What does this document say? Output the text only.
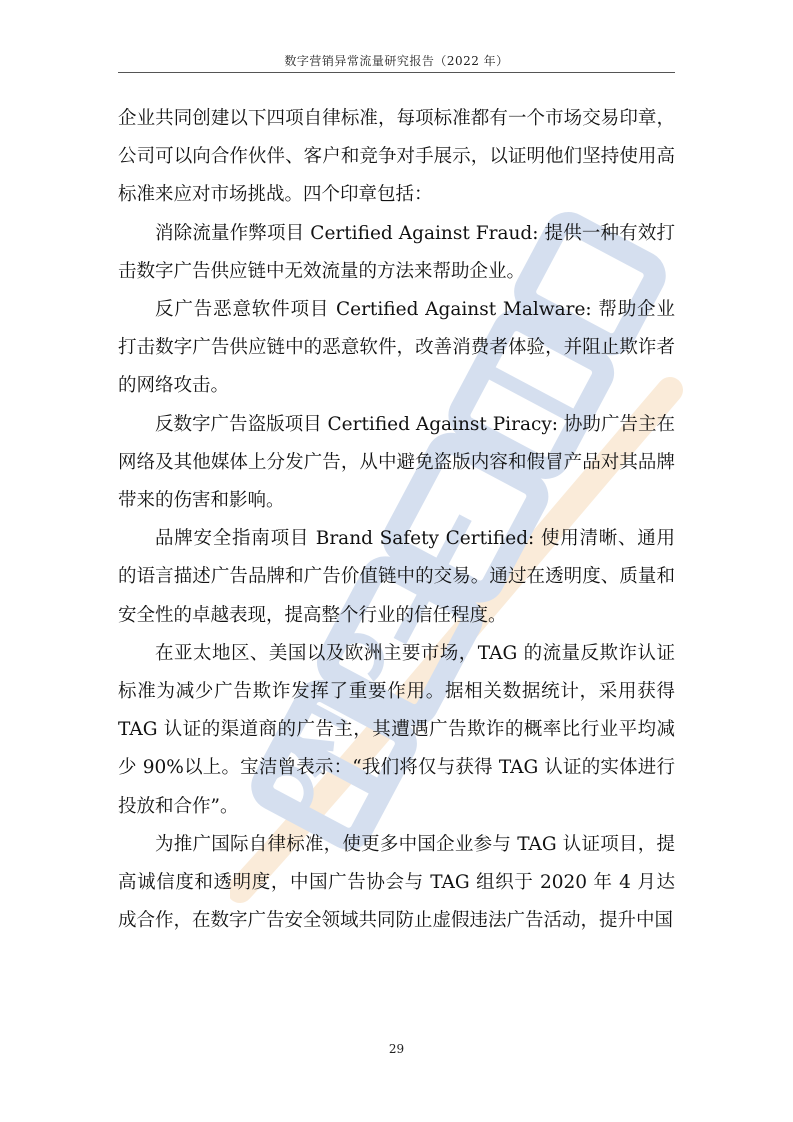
数字营销异常流量研究报告（2022 年）

企业共同创建以下四项自律标准，每项标准都有一个市场交易印章，公司可以向合作伙伴、客户和竞争对手展示，以证明他们坚持使用高标准来应对市场挑战。四个印章包括：

消除流量作弊项目 Certified Against Fraud: 提供一种有效打击数字广告供应链中无效流量的方法来帮助企业。

反广告恶意软件项目 Certified Against Malware: 帮助企业打击数字广告供应链中的恶意软件，改善消费者体验，并阻止欺诈者的网络攻击。

反数字广告盗版项目 Certified Against Piracy: 协助广告主在网络及其他媒体上分发广告，从中避免盗版内容和假冒产品对其品牌带来的伤害和影响。

品牌安全指南项目 Brand Safety Certified: 使用清晰、通用的语言描述广告品牌和广告价值链中的交易。通过在透明度、质量和安全性的卓越表现，提高整个行业的信任程度。

在亚太地区、美国以及欧洲主要市场，TAG 的流量反欺诈认证标准为减少广告欺诈发挥了重要作用。据相关数据统计，采用获得 TAG 认证的渠道商的广告主，其遭遇广告欺诈的概率比行业平均减少 90%以上。宝洁曾表示：“我们将仅与获得 TAG 认证的实体进行投放和合作”。

为推广国际自律标准，使更多中国企业参与 TAG 认证项目，提高诚信度和透明度，中国广告协会与 TAG 组织于 2020 年 4 月达成合作，在数字广告安全领域共同防止虚假违法广告活动，提升中国

29
